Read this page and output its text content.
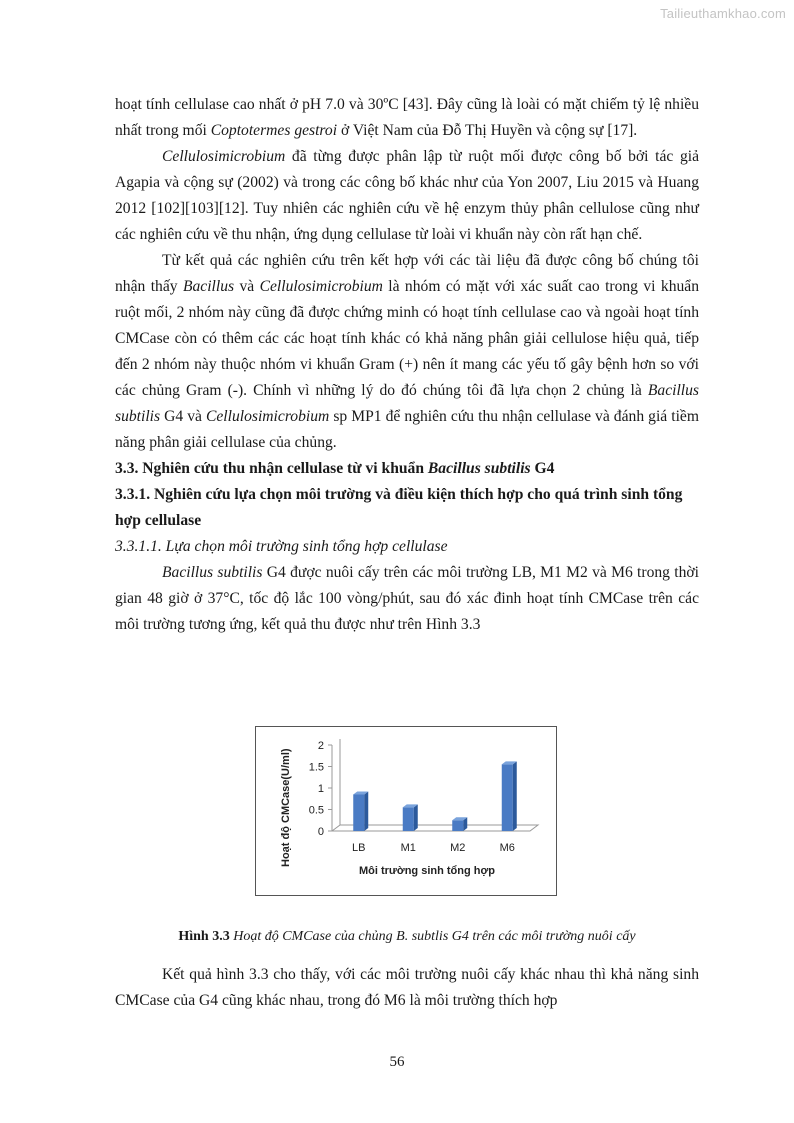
Tailieuthamkhao.com

hoạt tính cellulase cao nhất ở pH 7.0 và 30ºC [43]. Đây cũng là loài có mặt chiếm tỷ lệ nhiều nhất trong mối Coptotermes gestroi ở Việt Nam của Đỗ Thị Huyền và cộng sự [17].

Cellulosimicrobium đã từng được phân lập từ ruột mối được công bố bởi tác giả Agapia và cộng sự (2002) và trong các công bố khác như của Yon 2007, Liu 2015 và Huang 2012 [102][103][12]. Tuy nhiên các nghiên cứu về hệ enzym thủy phân cellulose cũng như các nghiên cứu về thu nhận, ứng dụng cellulase từ loài vi khuẩn này còn rất hạn chế.

Từ kết quả các nghiên cứu trên kết hợp với các tài liệu đã được công bố chúng tôi nhận thấy Bacillus và Cellulosimicrobium là nhóm có mặt với xác suất cao trong vi khuẩn ruột mối, 2 nhóm này cũng đã được chứng minh có hoạt tính cellulase cao và ngoài hoạt tính CMCase còn có thêm các các hoạt tính khác có khả năng phân giải cellulose hiệu quả, tiếp đến 2 nhóm này thuộc nhóm vi khuẩn Gram (+) nên ít mang các yếu tố gây bệnh hơn so với các chủng Gram (-). Chính vì những lý do đó chúng tôi đã lựa chọn 2 chủng là Bacillus subtilis G4 và Cellulosimicrobium sp MP1 để nghiên cứu thu nhận cellulase và đánh giá tiềm năng phân giải cellulase của chủng.

3.3. Nghiên cứu thu nhận cellulase từ vi khuẩn Bacillus subtilis G4

3.3.1. Nghiên cứu lựa chọn môi trường và điều kiện thích hợp cho quá trình sinh tổng hợp cellulase

3.3.1.1. Lựa chọn môi trường sinh tổng hợp cellulase

Bacillus subtilis G4 được nuôi cấy trên các môi trường LB, M1 M2 và M6 trong thời gian 48 giờ ở 37°C, tốc độ lắc 100 vòng/phút, sau đó xác đinh hoạt tính CMCase trên các môi trường tương ứng, kết quả thu được như trên Hình 3.3

0
0.5
1
1.5
2
LB	M1	M2	M6
Hoạt độ CMCase(U/ml)
Môi trường sinh tổng hợp
Hình 3.3 Hoạt độ CMCase của chủng B. subtlis G4 trên các môi trường nuôi cấy

Kết quả hình 3.3 cho thấy, với các môi trường nuôi cấy khác nhau thì khả năng sinh CMCase của G4 cũng khác nhau, trong đó M6 là môi trường thích hợp

56
